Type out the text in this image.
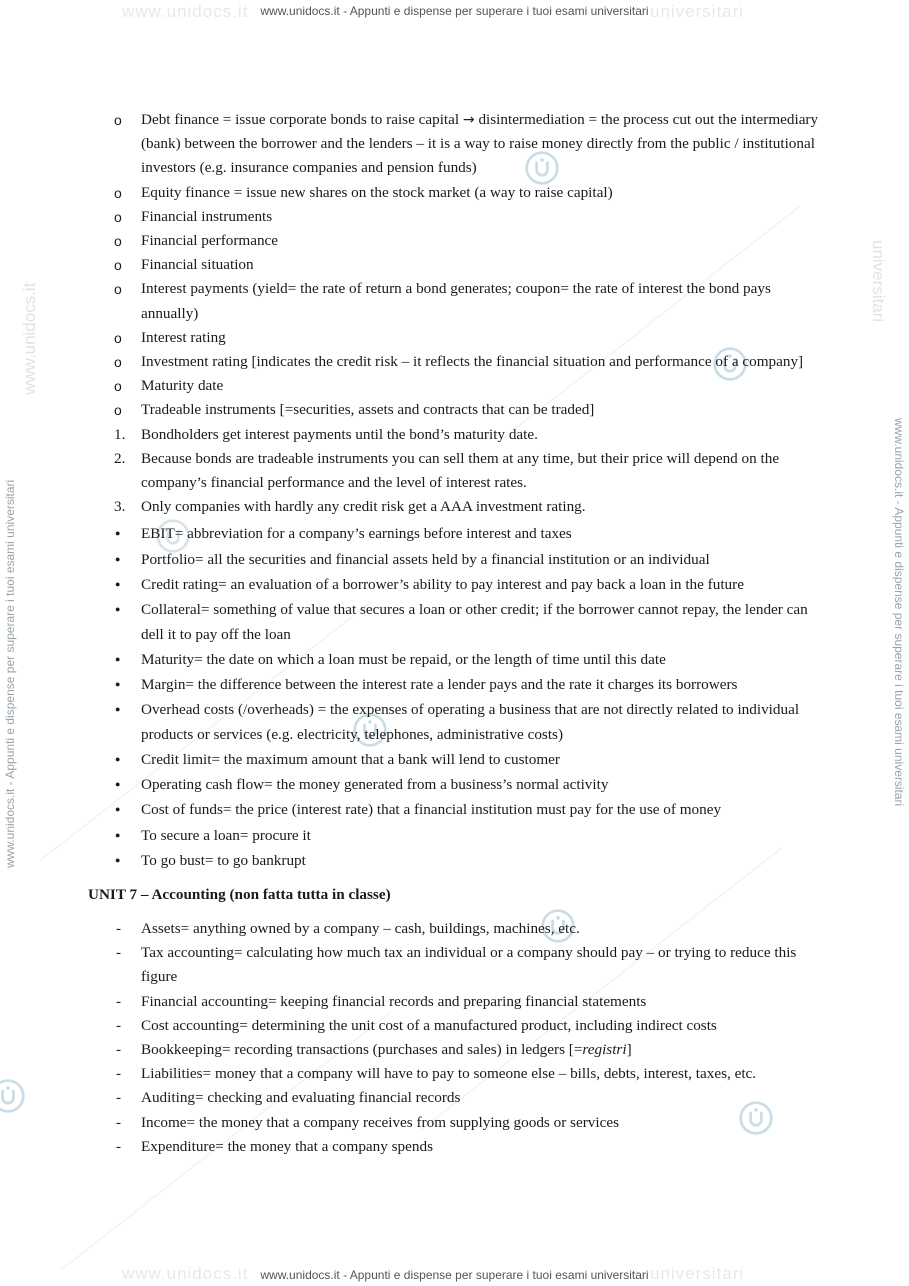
www.unidocs.it	universitari
www.unidocs.it - Appunti e dispense per superare i tuoi esami universitari
www.unidocs.it	universitari
www.unidocs.it - Appunti e dispense per superare i tuoi esami universitari
www.unidocs.it
www.unidocs.it - Appunti e dispense per superare i tuoi esami universitari
universitari
www.unidocs.it - Appunti e dispense per superare i tuoi esami universitari
o	Debt finance = issue corporate bonds to raise capital → disintermediation = the process cut out the intermediary (bank) between the borrower and the lenders – it is a way to raise money directly from the public / institutional investors (e.g. insurance companies and pension funds)
o	Equity finance = issue new shares on the stock market (a way to raise capital)
o	Financial instruments
o	Financial performance
o	Financial situation
o	Interest payments (yield= the rate of return a bond generates; coupon= the rate of interest the bond pays annually)
o	Interest rating
o	Investment rating [indicates the credit risk – it reflects the financial situation and performance of a company]
o	Maturity date
o	Tradeable instruments [=securities, assets and contracts that can be traded]
1.	Bondholders get interest payments until the bond’s maturity date.
2.	Because bonds are tradeable instruments you can sell them at any time, but their price will depend on the company’s financial performance and the level of interest rates.
3.	Only companies with hardly any credit risk get a AAA investment rating.
●	EBIT= abbreviation for a company’s earnings before interest and taxes
●	Portfolio= all the securities and financial assets held by a financial institution or an individual
●	Credit rating= an evaluation of a borrower’s ability to pay interest and pay back a loan in the future
●	Collateral= something of value that secures a loan or other credit; if the borrower cannot repay, the lender can dell it to pay off the loan
●	Maturity= the date on which a loan must be repaid, or the length of time until this date
●	Margin= the difference between the interest rate a lender pays and the rate it charges its borrowers
●	Overhead costs (/overheads) = the expenses of operating a business that are not directly related to individual products or services (e.g. electricity, telephones, administrative costs)
●	Credit limit= the maximum amount that a bank will lend to customer
●	Operating cash flow= the money generated from a business’s normal activity
●	Cost of funds= the price (interest rate) that a financial institution must pay for the use of money
●	To secure a loan= procure it
●	To go bust= to go bankrupt
UNIT 7 – Accounting (non fatta tutta in classe)
-	Assets= anything owned by a company – cash, buildings, machines, etc.
-	Tax accounting= calculating how much tax an individual or a company should pay – or trying to reduce this figure
-	Financial accounting= keeping financial records and preparing financial statements
-	Cost accounting= determining the unit cost of a manufactured product, including indirect costs
-	Bookkeeping= recording transactions (purchases and sales) in ledgers [=registri]
-	Liabilities= money that a company will have to pay to someone else – bills, debts, interest, taxes, etc.
-	Auditing= checking and evaluating financial records
-	Income= the money that a company receives from supplying goods or services
-	Expenditure= the money that a company spends
